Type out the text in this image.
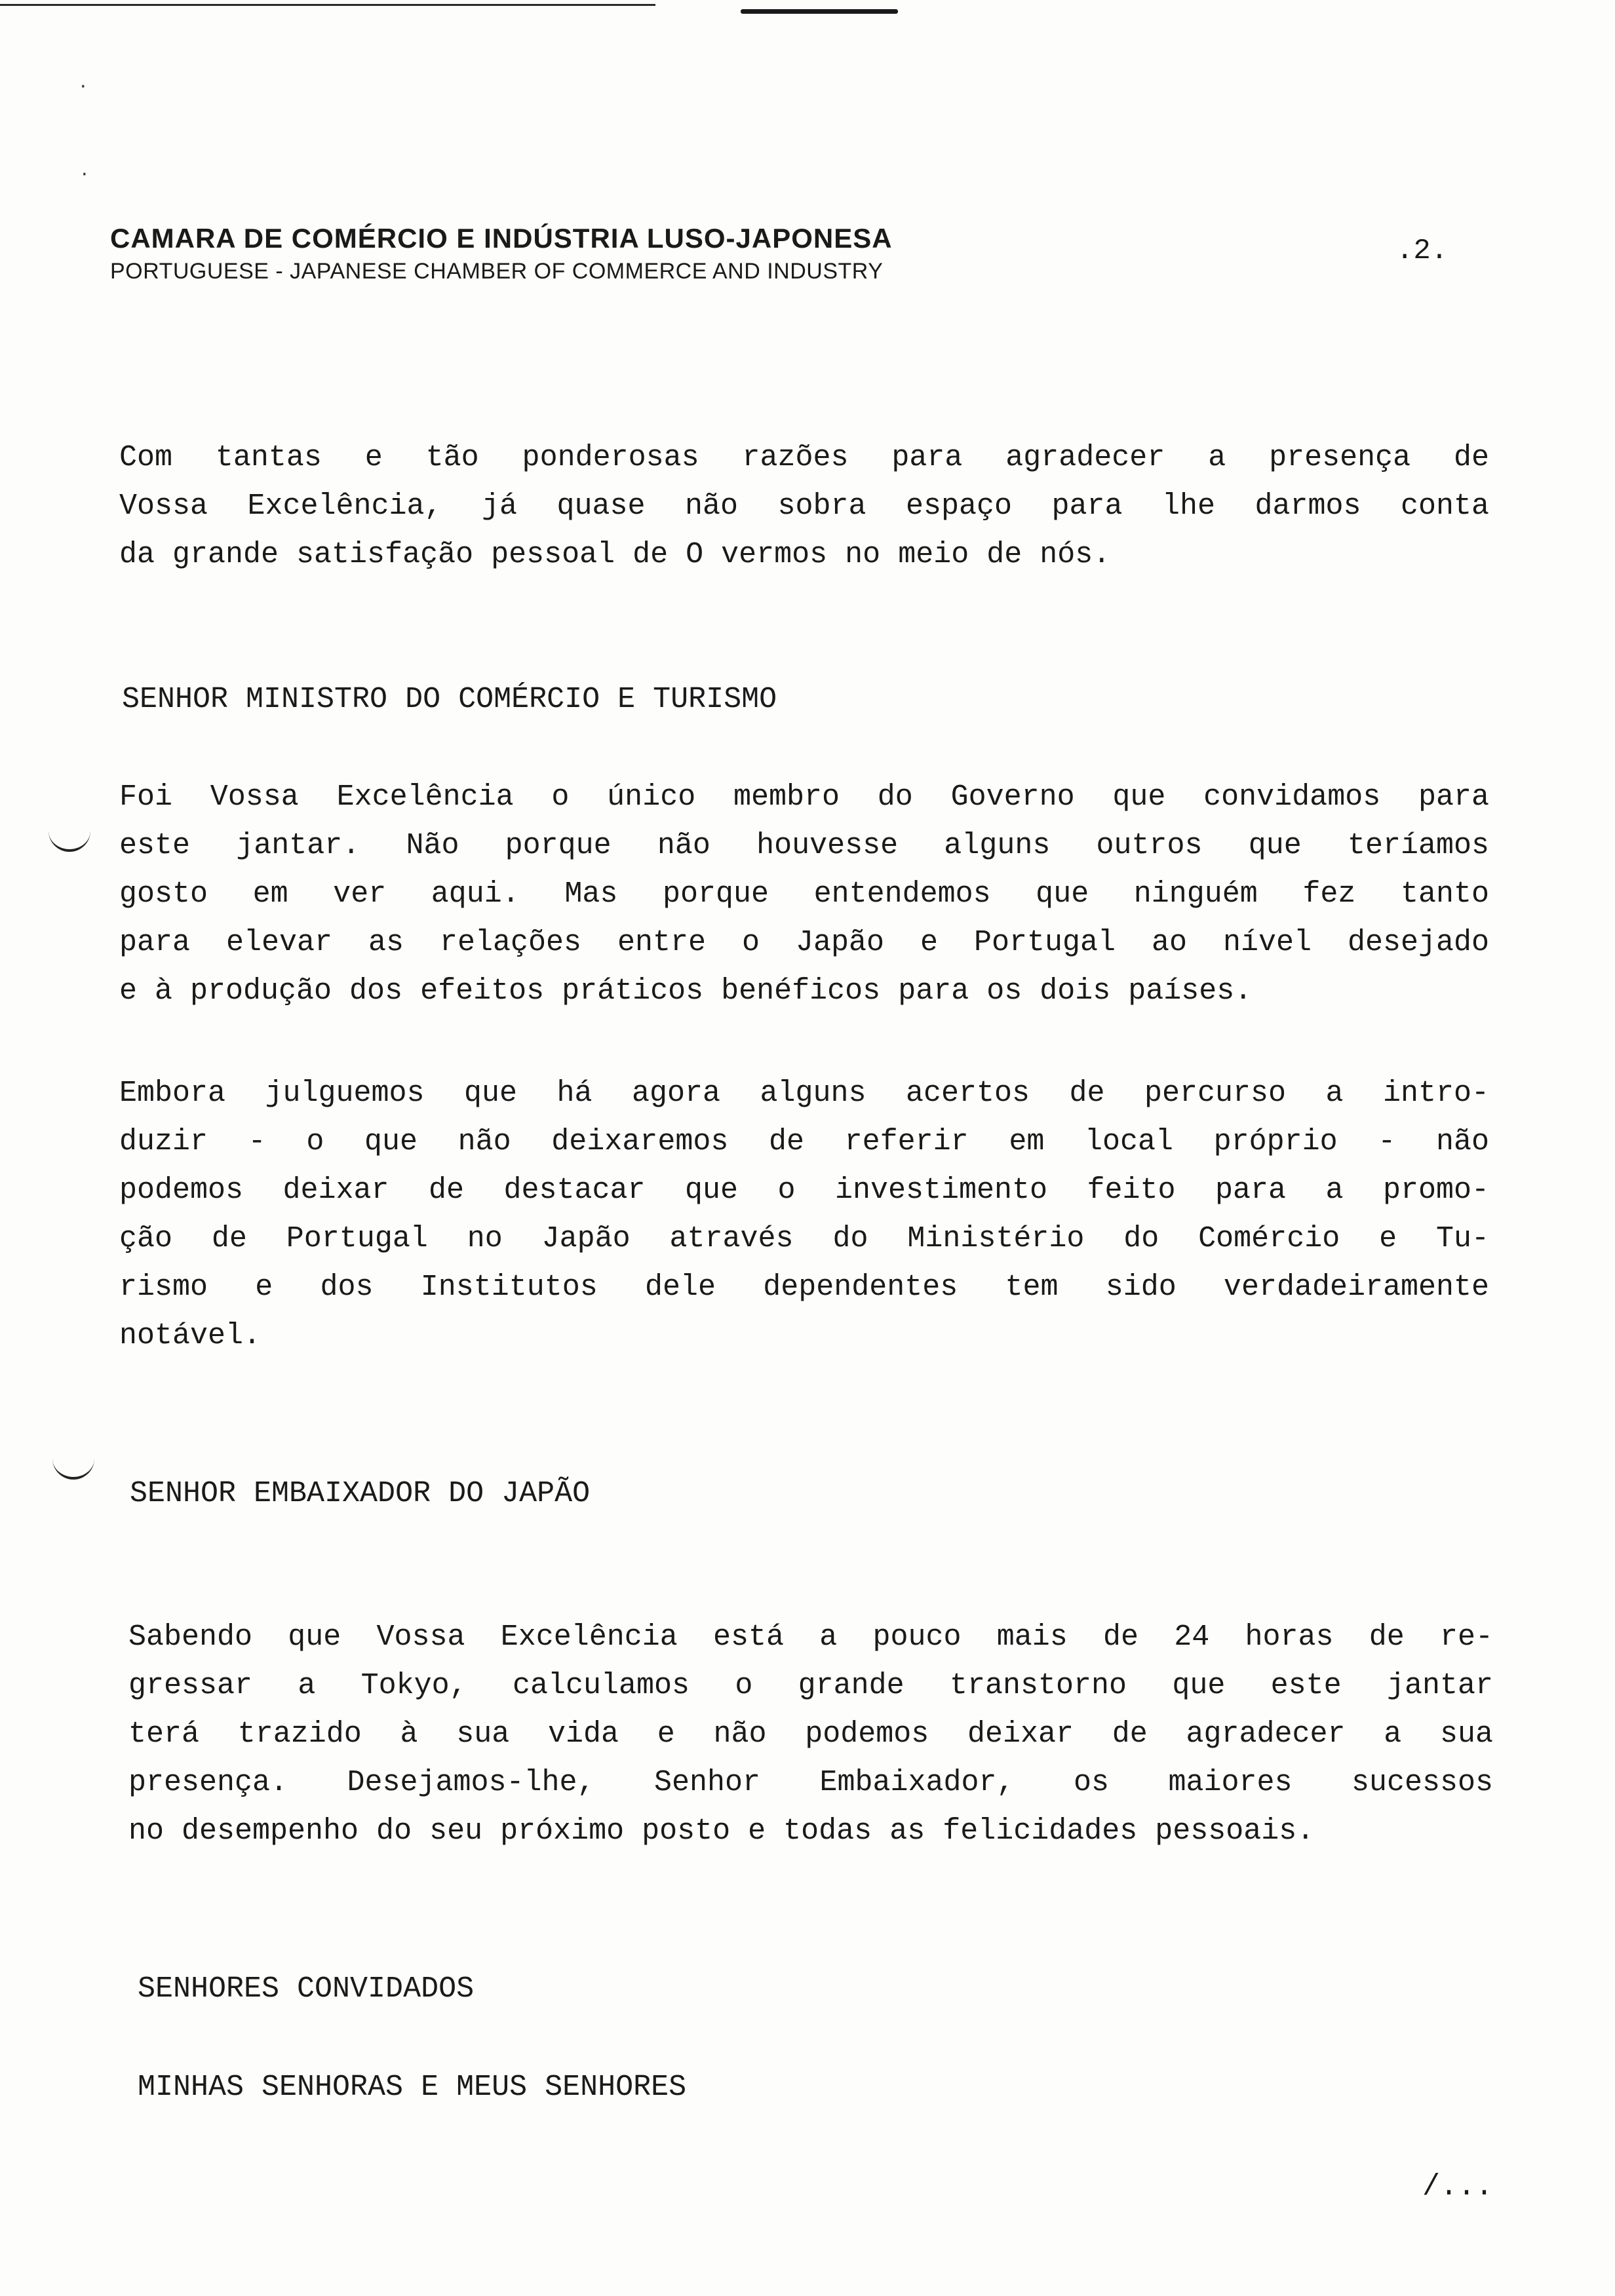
·
·
CAMARA DE COMÉRCIO E INDÚSTRIA LUSO-JAPONESA
PORTUGUESE - JAPANESE CHAMBER OF COMMERCE AND INDUSTRY
.2.
Com tantas e tão ponderosas razões para agradecer a presença de
Vossa Excelência, já quase não sobra espaço para lhe darmos conta
da grande satisfação pessoal de O vermos no meio de nós.
SENHOR MINISTRO DO COMÉRCIO E TURISMO
Foi Vossa Excelência o único membro do Governo que convidamos para
este jantar. Não porque não houvesse alguns outros que teríamos
gosto em ver aqui. Mas porque entendemos que ninguém fez tanto
para elevar as relações entre o Japão e Portugal ao nível desejado
e à produção dos efeitos práticos benéficos para os dois países.
Embora julguemos que há agora alguns acertos de percurso a intro-
duzir - o que não deixaremos de referir em local próprio - não
podemos deixar de destacar que o investimento feito para a promo-
ção de Portugal no Japão através do Ministério do Comércio e Tu-
rismo e dos Institutos dele dependentes tem sido verdadeiramente
notável.
SENHOR EMBAIXADOR DO JAPÃO
Sabendo que Vossa Excelência está a pouco mais de 24 horas de re-
gressar a Tokyo, calculamos o grande transtorno que este jantar
terá trazido à sua vida e não podemos deixar de agradecer a sua
presença. Desejamos-lhe, Senhor Embaixador, os maiores sucessos
no desempenho do seu próximo posto e todas as felicidades pessoais.
SENHORES CONVIDADOS
MINHAS SENHORAS E MEUS SENHORES
/...
